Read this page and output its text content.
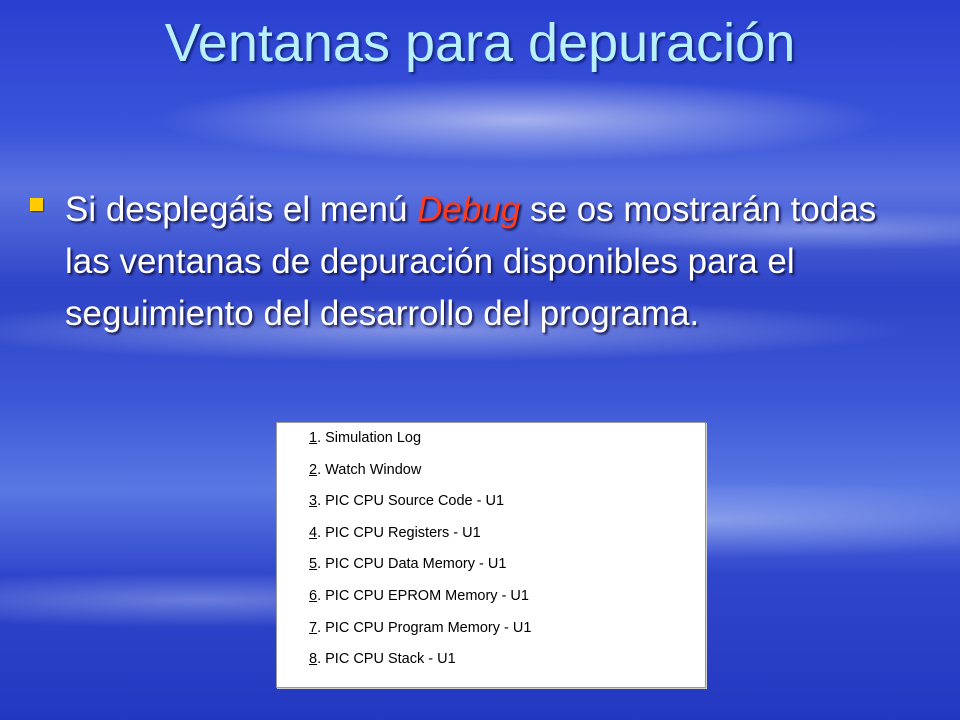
Ventanas para depuración
Si desplegáis el menú Debug se os mostrarán todas las ventanas de depuración disponibles para el seguimiento del desarrollo del programa.
1. Simulation Log
2. Watch Window
3. PIC CPU Source Code - U1
4. PIC CPU Registers - U1
5. PIC CPU Data Memory - U1
6. PIC CPU EPROM Memory - U1
7. PIC CPU Program Memory - U1
8. PIC CPU Stack - U1
